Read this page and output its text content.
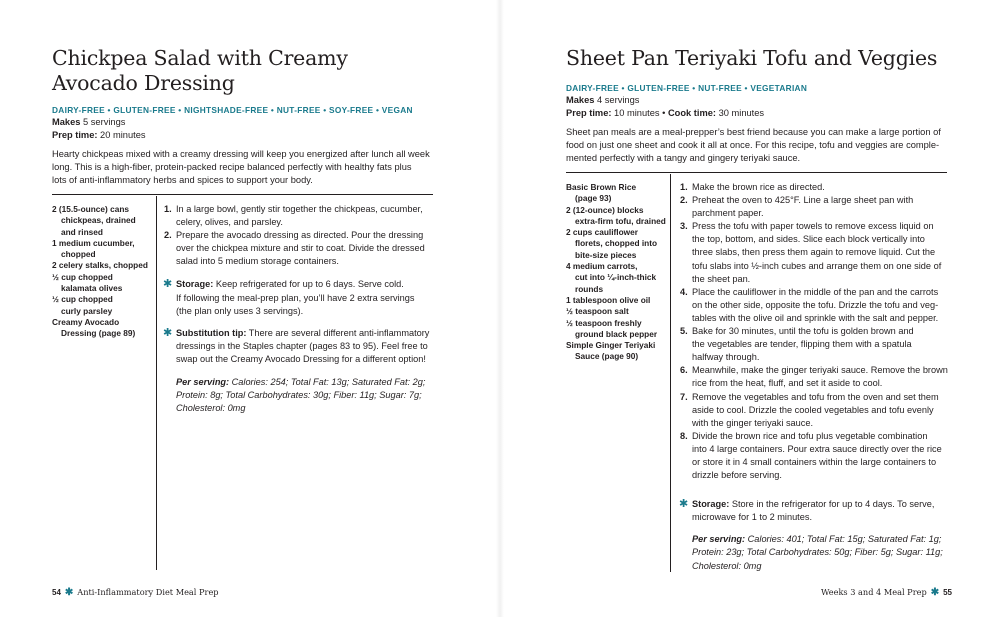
Chickpea Salad with Creamy
Avocado Dressing
DAIRY-FREE • GLUTEN-FREE • NIGHTSHADE-FREE • NUT-FREE • SOY-FREE • VEGAN
Makes 5 servings
Prep time: 20 minutes
Hearty chickpeas mixed with a creamy dressing will keep you energized after lunch all week
long. This is a high-fiber, protein-packed recipe balanced perfectly with healthy fats plus
lots of anti-inflammatory herbs and spices to support your body.
2 (15.5-ounce) cans
chickpeas, drained
and rinsed
1 medium cucumber,
chopped
2 celery stalks, chopped
½ cup chopped
kalamata olives
½ cup chopped
curly parsley
Creamy Avocado
Dressing (page 89)
1. In a large bowl, gently stir together the chickpeas, cucumber,
celery, olives, and parsley.
2. Prepare the avocado dressing as directed. Pour the dressing
over the chickpea mixture and stir to coat. Divide the dressed
salad into 5 medium storage containers.
✱ Storage: Keep refrigerated for up to 6 days. Serve cold.
If following the meal-prep plan, you’ll have 2 extra servings
(the plan only uses 3 servings).
✱ Substitution tip: There are several different anti-inflammatory
dressings in the Staples chapter (pages 83 to 95). Feel free to
swap out the Creamy Avocado Dressing for a different option!
Per serving: Calories: 254; Total Fat: 13g; Saturated Fat: 2g;
Protein: 8g; Total Carbohydrates: 30g; Fiber: 11g; Sugar: 7g;
Cholesterol: 0mg
54 ✱ Anti-Inflammatory Diet Meal Prep
Sheet Pan Teriyaki Tofu and Veggies
DAIRY-FREE • GLUTEN-FREE • NUT-FREE • VEGETARIAN
Makes 4 servings
Prep time: 10 minutes • Cook time: 30 minutes
Sheet pan meals are a meal-prepper’s best friend because you can make a large portion of
food on just one sheet and cook it all at once. For this recipe, tofu and veggies are comple-
mented perfectly with a tangy and gingery teriyaki sauce.
Basic Brown Rice
(page 93)
2 (12-ounce) blocks
extra-firm tofu, drained
2 cups cauliflower
florets, chopped into
bite-size pieces
4 medium carrots,
cut into ¼-inch-thick
rounds
1 tablespoon olive oil
½ teaspoon salt
½ teaspoon freshly
ground black pepper
Simple Ginger Teriyaki
Sauce (page 90)
1. Make the brown rice as directed.
2. Preheat the oven to 425°F. Line a large sheet pan with
parchment paper.
3. Press the tofu with paper towels to remove excess liquid on
the top, bottom, and sides. Slice each block vertically into
three slabs, then press them again to remove liquid. Cut the
tofu slabs into ½-inch cubes and arrange them on one side of
the sheet pan.
4. Place the cauliflower in the middle of the pan and the carrots
on the other side, opposite the tofu. Drizzle the tofu and veg-
tables with the olive oil and sprinkle with the salt and pepper.
5. Bake for 30 minutes, until the tofu is golden brown and
the vegetables are tender, flipping them with a spatula
halfway through.
6. Meanwhile, make the ginger teriyaki sauce. Remove the brown
rice from the heat, fluff, and set it aside to cool.
7. Remove the vegetables and tofu from the oven and set them
aside to cool. Drizzle the cooled vegetables and tofu evenly
with the ginger teriyaki sauce.
8. Divide the brown rice and tofu plus vegetable combination
into 4 large containers. Pour extra sauce directly over the rice
or store it in 4 small containers within the large containers to
drizzle before serving.
✱ Storage: Store in the refrigerator for up to 4 days. To serve,
microwave for 1 to 2 minutes.
Per serving: Calories: 401; Total Fat: 15g; Saturated Fat: 1g;
Protein: 23g; Total Carbohydrates: 50g; Fiber: 5g; Sugar: 11g;
Cholesterol: 0mg
Weeks 3 and 4 Meal Prep ✱ 55
